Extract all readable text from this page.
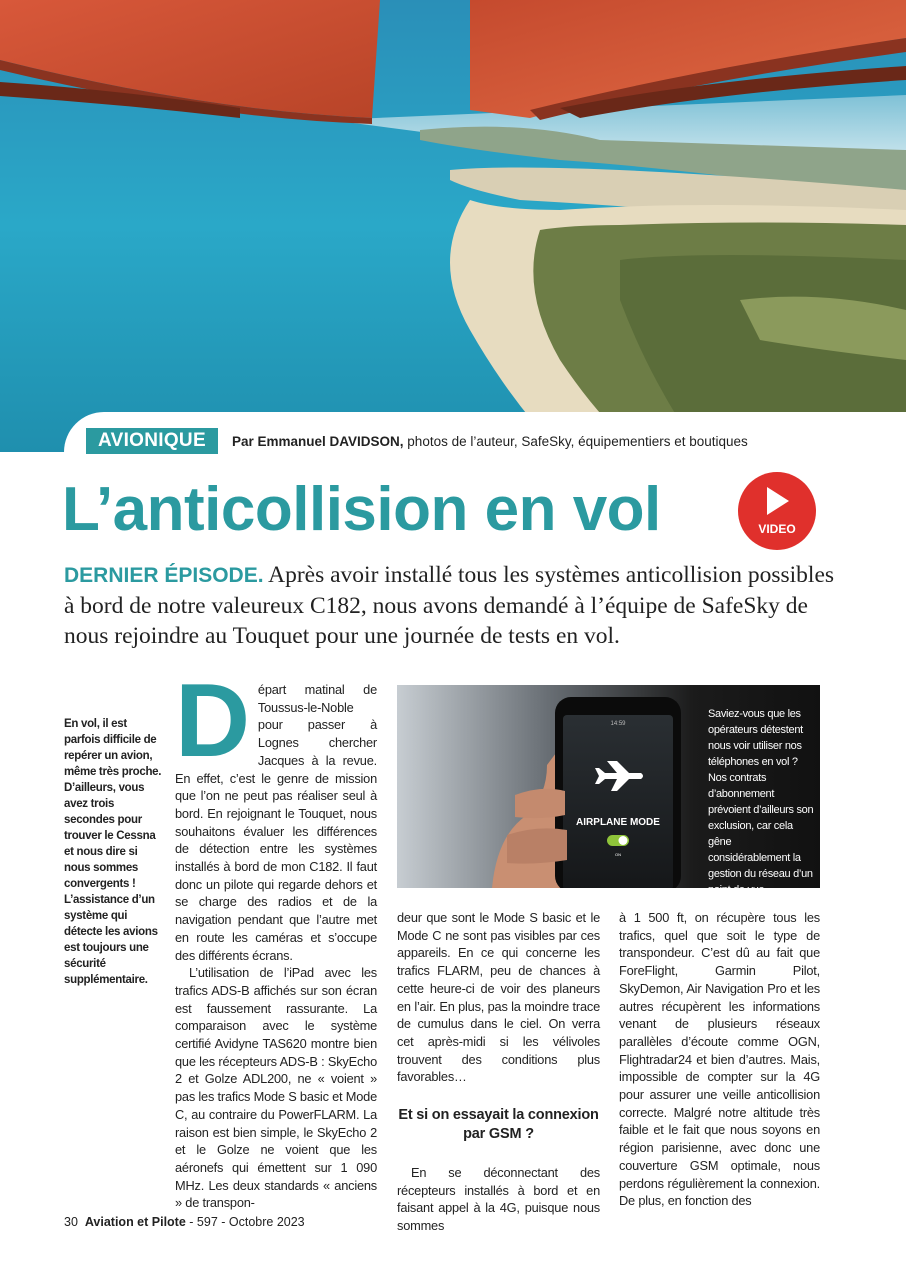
AVIONIQUE	Par Emmanuel DAVIDSON, photos de l’auteur, SafeSky, équipementiers et boutiques
L’anticollision en vol	VIDEO
DERNIER ÉPISODE. Après avoir installé tous les systèmes anticollision possibles à bord de notre valeureux C182, nous avons demandé à l’équipe de SafeSky de nous rejoindre au Touquet pour une journée de tests en vol.
En vol, il est parfois difficile de repérer un avion, même très proche. D’ailleurs, vous avez trois secondes pour trouver le Cessna et nous dire si nous sommes convergents ! L’assistance d’un système qui détecte les avions est toujours une sécurité supplémentaire.

Départ matinal de Toussus-le-Noble pour passer à Lognes chercher Jacques à la revue. En effet, c’est le genre de mission que l’on ne peut pas réaliser seul à bord. En rejoignant le Touquet, nous souhaitons évaluer les différences de détection entre les systèmes installés à bord de mon C182. Il faut donc un pilote qui regarde dehors et se charge des radios et de la navigation pendant que l’autre met en route les caméras et s’occupe des différents écrans.

L’utilisation de l’iPad avec les trafics ADS-B affichés sur son écran est faussement rassurante. La comparaison avec le système certifié Avidyne TAS620 montre bien que les récepteurs ADS-B : SkyEcho 2 et Golze ADL200, ne « voient » pas les trafics Mode S basic et Mode C, au contraire du PowerFLARM. La raison est bien simple, le SkyEcho 2 et le Golze ne voient que les aéronefs qui émettent sur 1 090 MHz. Les deux standards « anciens » de transpon-

AIRPLANE MODE
ON
14:59
Saviez-vous que les opérateurs détestent nous voir utiliser nos téléphones en vol ? Nos contrats d’abonnement prévoient d’ailleurs son exclusion, car cela gêne considérablement la gestion du réseau d’un point de vue technique.

deur que sont le Mode S basic et le Mode C ne sont pas visibles par ces appareils. En ce qui concerne les trafics FLARM, peu de chances à cette heure-ci de voir des planeurs en l’air. En plus, pas la moindre trace de cumulus dans le ciel. On verra cet après-midi si les vélivoles trouvent des conditions plus favorables…

Et si on essayait la connexion par GSM ?

En se déconnectant des récepteurs installés à bord et en faisant appel à la 4G, puisque nous sommes

à 1 500 ft, on récupère tous les trafics, quel que soit le type de transpondeur. C’est dû au fait que ForeFlight, Garmin Pilot, SkyDemon, Air Navigation Pro et les autres récupèrent les informations venant de plusieurs réseaux parallèles d’écoute comme OGN, Flightradar24 et bien d’autres. Mais, impossible de compter sur la 4G pour assurer une veille anticollision correcte. Malgré notre altitude très faible et le fait que nous soyons en région parisienne, avec donc une couverture GSM optimale, nous perdons régulièrement la connexion. De plus, en fonction des

30 Aviation et Pilote - 597 - Octobre 2023
